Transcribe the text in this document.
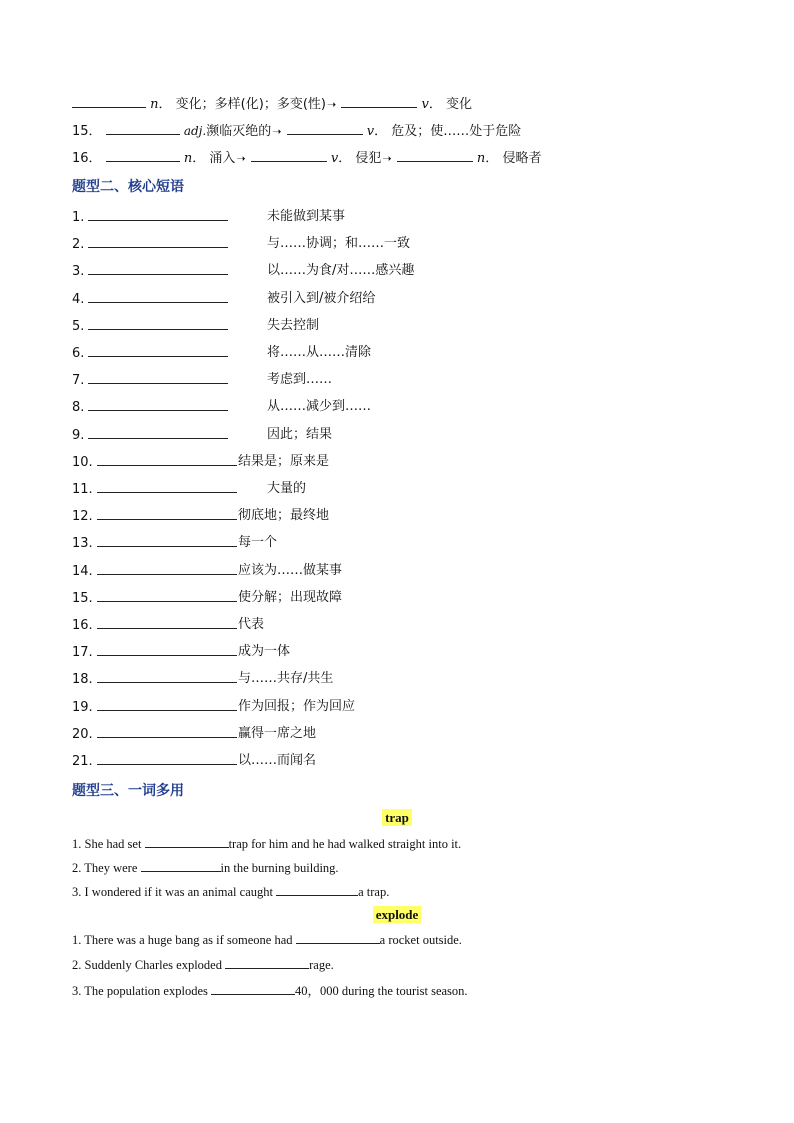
n． 变化；多样(化)；多变(性)➝	v． 变化
15．	adj.濒临灭绝的➝	v． 危及；使……处于危险
16．	n． 涌入➝	v． 侵犯➝	n． 侵略者
题型二、核心短语
1.	未能做到某事
2.	与……协调；和……一致
3.	以……为食/对……感兴趣
4.	被引入到/被介绍给
5.	失去控制
6.	将……从……清除
7.	考虑到……
8.	从……减少到……
9.	因此；结果
10.	结果是；原来是
11.	大量的
12.	彻底地；最终地
13.	每一个
14.	应该为……做某事
15.	使分解；出现故障
16.	代表
17.	成为一体
18.	与……共存/共生
19.	作为回报；作为回应
20.	赢得一席之地
21.	以……而闻名
题型三、一词多用
trap
1. She had set	trap for him and he had walked straight into it.
2. They were	in the burning building.
3. I wondered if it was an animal caught	a trap.
explode
1. There was a huge bang as if someone had	a rocket outside.
2. Suddenly Charles exploded	rage.
3. The population explodes	40，000 during the tourist season.
